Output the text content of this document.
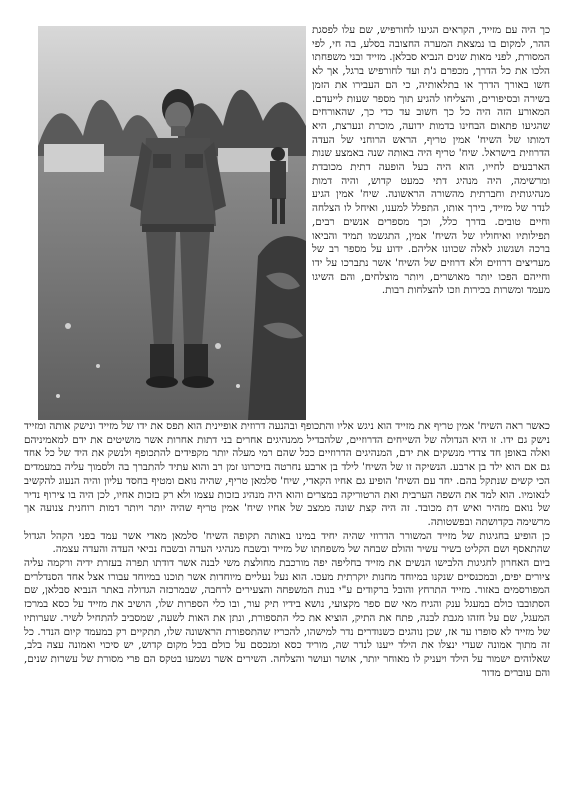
כך היה עם מזייד, הקראים הגיעו לחורפיש, שם עלו לפסגת ההר, למקום בו נמצאת המערה החצובה בסלע, בה חי, לפי המסורת, לפני מאות שנים הנביא סבלאן. מזייד ובני משפחתו הלכו את כל הדרך, מכפרם ג'ת ועד לחורפיש ברגל, אך לא חשו באורך הדרך או בתלאותיה, כי הם העבירו את הזמן בשירה ובסיפורים, והצליחו להגיע תוך מספר שעות לייעדם. המאורע הזה היה כל כך חשוב עד כדי כך, שהאורחים שהגיעו פתאום הבחינו בדמות ידועה, מוכרת ונערצת, היא דמותו של השיח' אמין טריף, הראש הרוחני של העדה הדרוזית בישראל. שיח' טריף היה באותה שנה באמצע שנות הארבעים לחייו, הוא היה בעל הופעה דתית מכובדת ומרשימה, היה מנהיג דתי כמעט קדוש, והיה דמות מנהיגותית וחברתית מהשורה הראשונה. שיח' אמין הגיע לנדר של מזייד, בירך אותו, התפלל למענו, ואיחל לו הצלחה וחיים טובים. בדרך כלל, וכך מספרים אנשים רבים, תפילותיו ואיחוליו של השיח' אמין, התגשמו תמיד והביאו ברכה ושגשוג לאלה שכוונו אליהם. ידוע על מספר רב של מעריצים דרוזים ולא דרוזים של השיח' אשר נתברכו על ידו וחייהם הפכו יותר מאושרים, ויותר מוצלחים, והם השיגו מעמד ומשרות בכירות וזכו להצלחות רבות.

כאשר ראה השיח' אמין טריף את מזייד הוא ניגש אליו והתכופף ובהנעה דרוזית אופיינית הוא תפס את ידו של מזייד ונישק אותה ומזייד נישק גם ידו. זו היא הגדולה של השייחים הדרוזיים, שלהבדיל ממנהיגים אחרים בני דתות אחרות אשר מושיטים את ידם למאמיניהם ואלה באופן חד צדדי מנשקים את ידם, המנהיגים הדרוזיים ככל שהם רמי מעלה יותר מקפידים להתכופף ולנשק את היד של כל אחד גם אם הוא ילד בן ארבע. הנשיקה זו של השיח' לילד בן ארבע נחרטה בזיכרונו זמן רב והוא עתיד להתברך בה ולסמוך עליה במעמדים הכי קשים שנתקל בהם. יחד עם השיח' הופיע גם אחיו הקאדי, שיח' סלמאן טריף, שהיה נואם ומטיף בחסד עליון והיה הנעוג להקשיב לנאומיו. הוא למד את השפה הערבית ואת הרטוריקה במצרים והוא היה מנהיג בזכות עצמו ולא רק בזכות אחיו, לכן היה בו צירוף נדיר של נואם מזהיר ואיש דת מכובד. זה היה קצת שונה ממצב של אחיו שיח' אמין טריף שהיה יותר ויותר דמות רוחנית צנועה אך מרשימה בקדושתה ובפשטותה.

כן הופיע בחגיגות של מזייד המשורר הדרוזי שהיה יחיד במינו באותה תקופה השיח' סלמאן מאדי אשר עמד בפני הקהל הגדול שהתאסף ושם הקליט בשיר עשיר והולם שבחה של משפחתו של מזייד ובשבח מנהיגי העדה ובשבח נביאי העדה והעדה עצמה.

ביום האחרון לחגיגות הלבישו הנשים את מזייד בחליפה יפה מורכבת מחולצת משי לבנה אשר דודתו תפרה בעזרת ידיה ורקמה עליה ציורים יפים, ובמכנסיים שנקנו במיוחד מחנות יוקרתית מעכו. הוא נעל נעליים מיוחדות אשר תוכנו במיוחד עבורו אצל אחד הסנדלרים המפורסמים באזור. מזייד התרחץ והובל ברקודים ע"י בנות המשפחה והצעירים לרחבה, שבמרכזה הגדולה באתר הנביא סבלאן, שם הסתובבו כולם במעגל ענק והגיח מאי שם ספר מקצועי, נושא בידיו תיק עור, ובו כלי הספרות שלו, הושיב את מזייד על כסא במרכז המעגל, שם על חזהו מגבת לבנה, פתח את התיק, הוציא את כלי התספורת, ונתן את האות לשעה, שמסביב להתחיל לשיר. שערותיו של מזייד לא סופרו עד אז, שכן נוהגים כשנודרים נדר למישהו, להכריז שהתספורת הראשונה שלו, תתקיים רק במעמד קיום הנדר. כל זה מתוך אמונה שעדי ינצלו את הילד ייענו לנדר שה, מוריד כסא ומנכסם על כולם בכל מקום קדוש, יש סיכוי ואמונה עצה בלב, שאלוהים ישמור על הילד ויעניק לו מאוחר יותר, אושר ועושר והצלחה. השירים אשר נשמעו בטקס הם פרי מסורת של עשרות שנים, והם עוברים מדור
